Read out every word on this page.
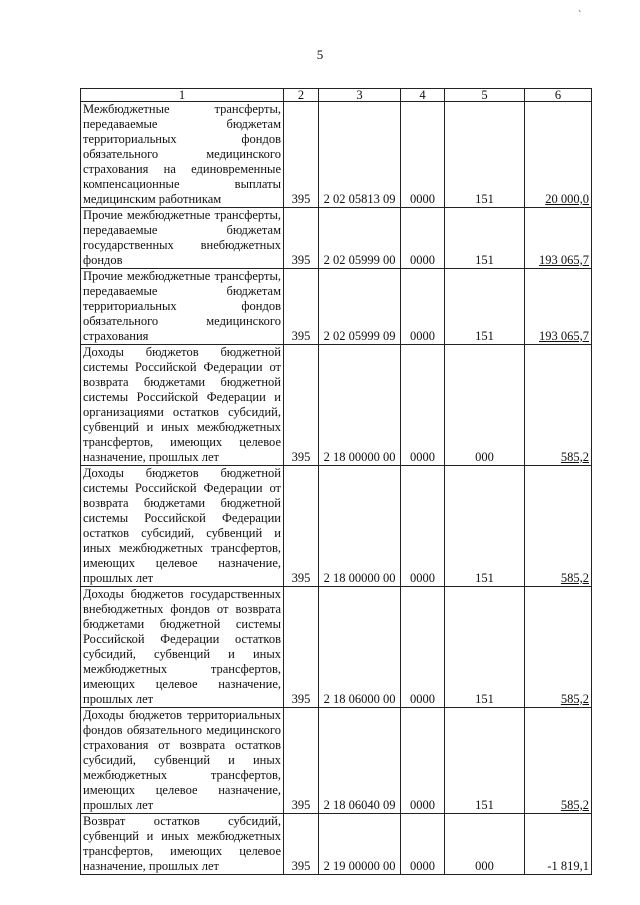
`
5
1	2	3	4	5	6
Межбюджетные трансферты, передаваемые бюджетам территориальных фондов обязательного медицинского страхования на единовременные компенсационные выплаты медицинским работникам	395	2 02 05813 09	0000	151	20 000,0
Прочие межбюджетные трансферты, передаваемые бюджетам государственных внебюджетных фондов	395	2 02 05999 00	0000	151	193 065,7
Прочие межбюджетные трансферты, передаваемые бюджетам территориальных фондов обязательного медицинского страхования	395	2 02 05999 09	0000	151	193 065,7
Доходы бюджетов бюджетной системы Российской Федерации от возврата бюджетами бюджетной системы Российской Федерации и организациями остатков субсидий, субвенций и иных межбюджетных трансфертов, имеющих целевое назначение, прошлых лет	395	2 18 00000 00	0000	000	585,2
Доходы бюджетов бюджетной системы Российской Федерации от возврата бюджетами бюджетной системы Российской Федерации остатков субсидий, субвенций и иных межбюджетных трансфертов, имеющих целевое назначение, прошлых лет	395	2 18 00000 00	0000	151	585,2
Доходы бюджетов государственных внебюджетных фондов от возврата бюджетами бюджетной системы Российской Федерации остатков субсидий, субвенций и иных межбюджетных трансфертов, имеющих целевое назначение, прошлых лет	395	2 18 06000 00	0000	151	585,2
Доходы бюджетов территориальных фондов обязательного медицинского страхования от возврата остатков субсидий, субвенций и иных межбюджетных трансфертов, имеющих целевое назначение, прошлых лет	395	2 18 06040 09	0000	151	585,2
Возврат остатков субсидий, субвенций и иных межбюджетных трансфертов, имеющих целевое назначение, прошлых лет	395	2 19 00000 00	0000	000	-1 819,1
